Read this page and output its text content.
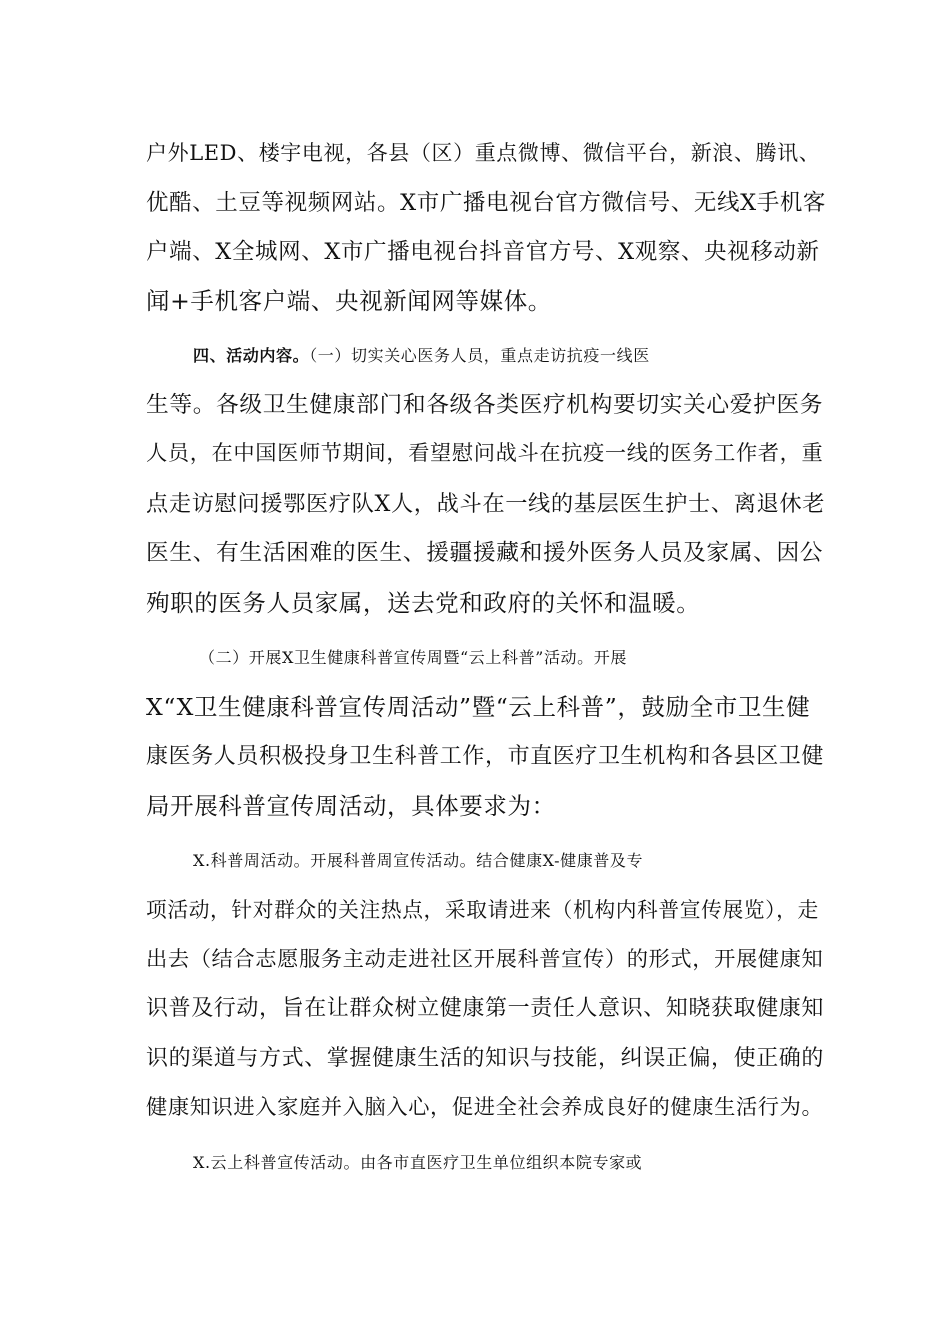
户外LED、楼宇电视，各县（区）重点微博、微信平台，新浪、腾讯、

优酷、土豆等视频网站。X市广播电视台官方微信号、无线X手机客

户端、X全城网、X市广播电视台抖音官方号、X观察、央视移动新

闻+手机客户端、央视新闻网等媒体。

四、活动内容。（一）切实关心医务人员，重点走访抗疫一线医

生等。各级卫生健康部门和各级各类医疗机构要切实关心爱护医务

人员，在中国医师节期间，看望慰问战斗在抗疫一线的医务工作者，重

点走访慰问援鄂医疗队X人，战斗在一线的基层医生护士、离退休老

医生、有生活困难的医生、援疆援藏和援外医务人员及家属、因公

殉职的医务人员家属，送去党和政府的关怀和温暖。

（二）开展X卫生健康科普宣传周暨“云上科普”活动。开展

X“X卫生健康科普宣传周活动”暨“云上科普”，鼓励全市卫生健

康医务人员积极投身卫生科普工作，市直医疗卫生机构和各县区卫健

局开展科普宣传周活动，具体要求为：

X.科普周活动。开展科普周宣传活动。结合健康X-健康普及专

项活动，针对群众的关注热点，采取请进来（机构内科普宣传展览），走

出去（结合志愿服务主动走进社区开展科普宣传）的形式，开展健康知

识普及行动，旨在让群众树立健康第一责任人意识、知晓获取健康知

识的渠道与方式、掌握健康生活的知识与技能，纠误正偏，使正确的

健康知识进入家庭并入脑入心，促进全社会养成良好的健康生活行为。

X.云上科普宣传活动。由各市直医疗卫生单位组织本院专家或
